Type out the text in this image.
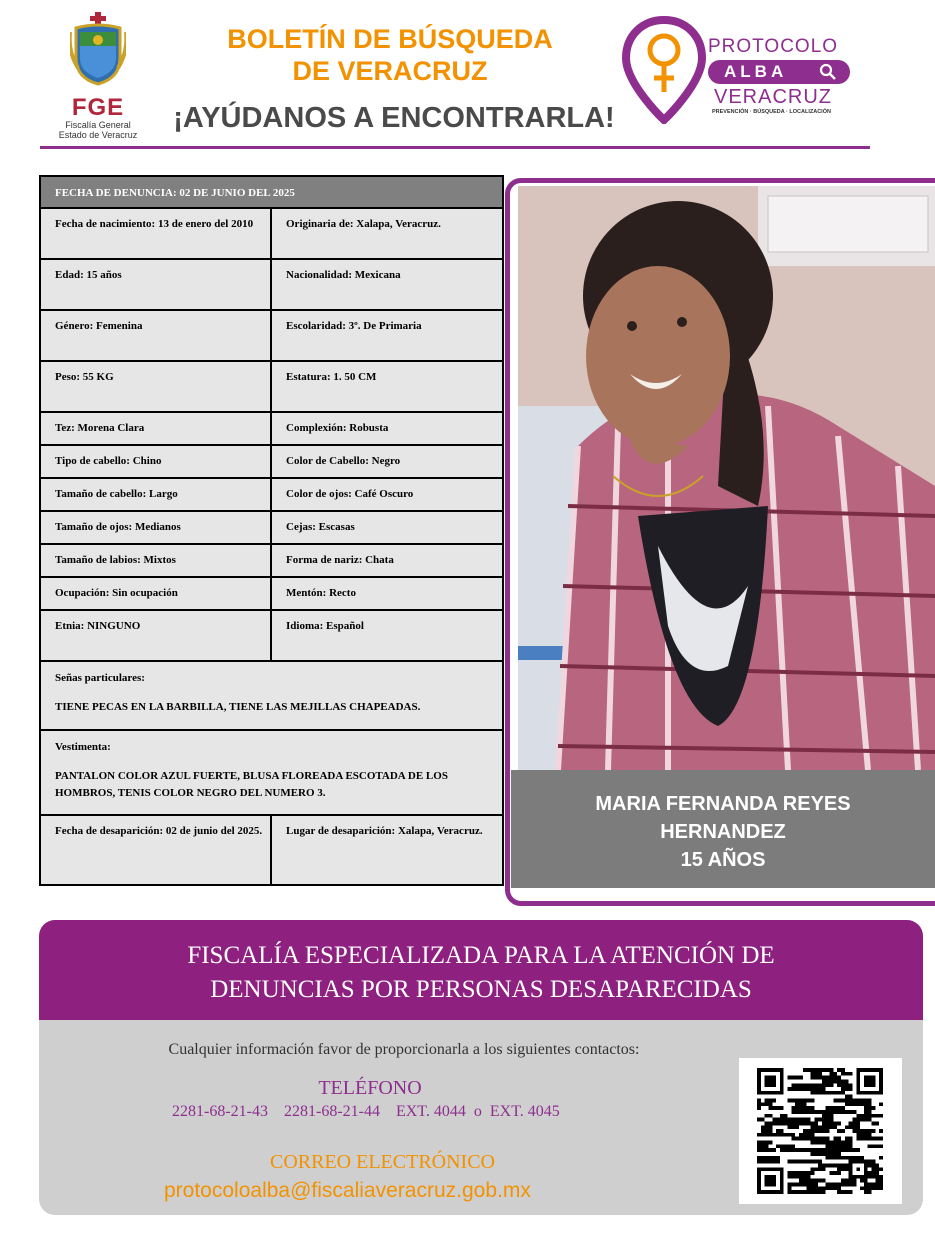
FGE
Fiscalía General
Estado de Veracruz
BOLETÍN DE BÚSQUEDA
DE VERACRUZ
¡AYÚDANOS A ENCONTRARLA!
PROTOCOLO
ALBA
VERACRUZ
PREVENCIÓN · BÚSQUEDA · LOCALIZACIÓN
FECHA DE DENUNCIA: 02 DE JUNIO DEL 2025	
Fecha de nacimiento: 13 de enero del 2010	Originaria de: Xalapa, Veracruz.
Edad: 15 años	Nacionalidad: Mexicana
Género: Femenina	Escolaridad: 3º. De Primaria
Peso: 55 KG	Estatura: 1. 50 CM
Tez: Morena Clara	Complexión: Robusta
Tipo de cabello: Chino	Color de Cabello: Negro
Tamaño de cabello: Largo	Color de ojos: Café Oscuro
Tamaño de ojos: Medianos	Cejas: Escasas
Tamaño de labios: Mixtos	Forma de nariz: Chata
Ocupación: Sin ocupación	Mentón: Recto
Etnia: NINGUNO	Idioma: Español
Señas particulares:
TIENE PECAS EN LA BARBILLA, TIENE LAS MEJILLAS CHAPEADAS.	
Vestimenta:
PANTALON COLOR AZUL FUERTE, BLUSA FLOREADA ESCOTADA DE LOS HOMBROS, TENIS COLOR NEGRO DEL NUMERO 3.	
Fecha de desaparición: 02 de junio del 2025.	Lugar de desaparición: Xalapa, Veracruz.
MARIA FERNANDA REYES
HERNANDEZ
15 AÑOS
FISCALÍA ESPECIALIZADA PARA LA ATENCIÓN DE
DENUNCIAS POR PERSONAS DESAPARECIDAS
Cualquier información favor de proporcionarla a los siguientes contactos:
TELÉFONO
2281-68-21-43    2281-68-21-44    EXT. 4044  o  EXT. 4045
CORREO ELECTRÓNICO
protocoloalba@fiscaliaveracruz.gob.mx
